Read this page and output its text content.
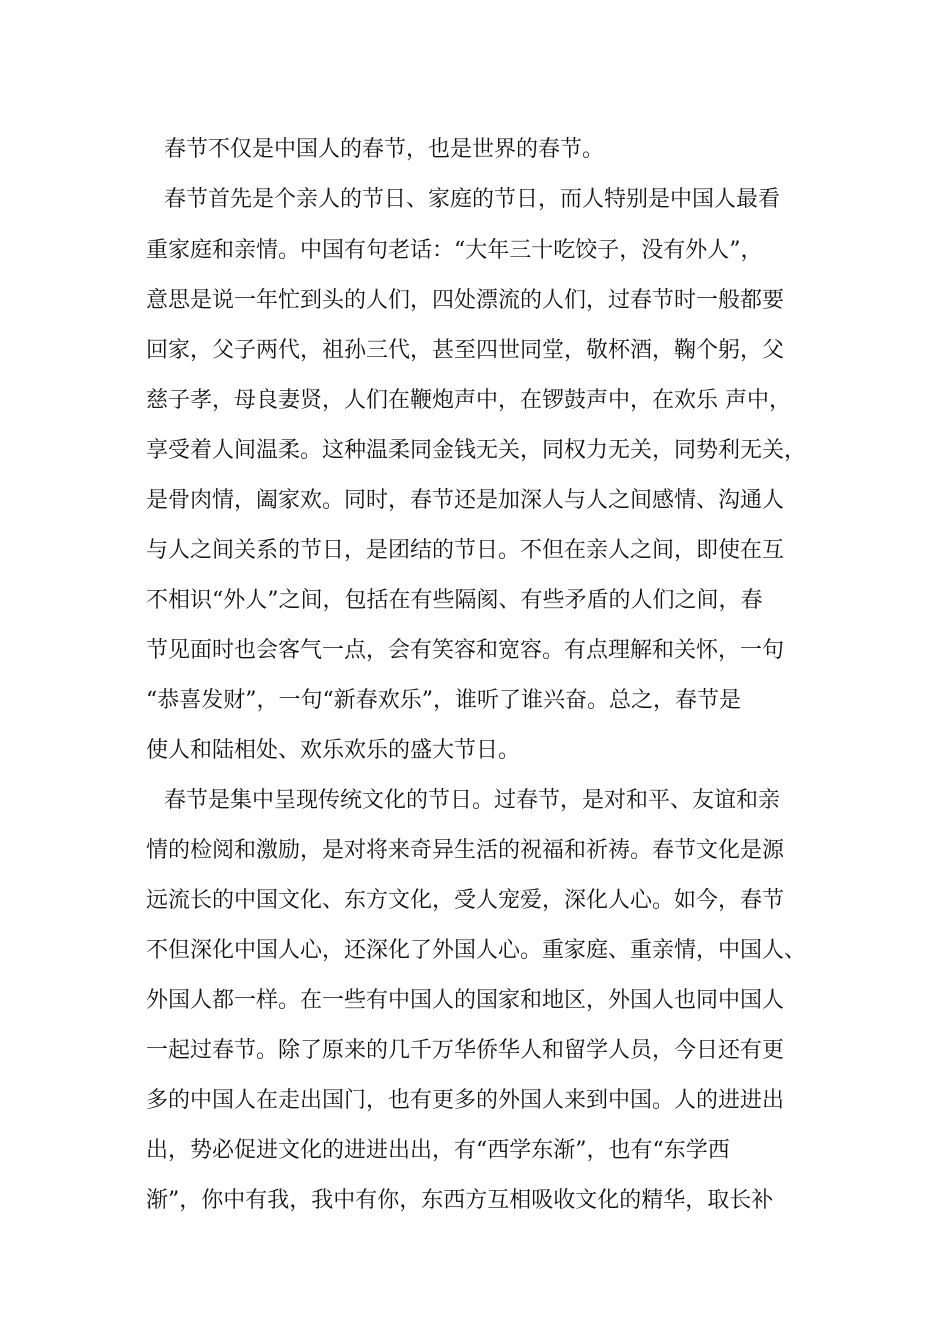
春节不仅是中国人的春节，也是世界的春节。
春节首先是个亲人的节日、家庭的节日，而人特别是中国人最看
重家庭和亲情。中国有句老话：“大年三十吃饺子，没有外人”，
意思是说一年忙到头的人们，四处漂流的人们，过春节时一般都要
回家，父子两代，祖孙三代，甚至四世同堂，敬杯酒，鞠个躬，父
慈子孝，母良妻贤，人们在鞭炮声中，在锣鼓声中，在欢乐 声中，
享受着人间温柔。这种温柔同金钱无关，同权力无关，同势利无关，
是骨肉情，阖家欢。同时，春节还是加深人与人之间感情、沟通人
与人之间关系的节日，是团结的节日。不但在亲人之间，即使在互
不相识“外人”之间，包括在有些隔阂、有些矛盾的人们之间，春
节见面时也会客气一点，会有笑容和宽容。有点理解和关怀，一句
“恭喜发财”，一句“新春欢乐”，谁听了谁兴奋。总之，春节是
使人和陆相处、欢乐欢乐的盛大节日。
春节是集中呈现传统文化的节日。过春节，是对和平、友谊和亲
情的检阅和激励，是对将来奇异生活的祝福和祈祷。春节文化是源
远流长的中国文化、东方文化，受人宠爱，深化人心。如今，春节
不但深化中国人心，还深化了外国人心。重家庭、重亲情，中国人、
外国人都一样。在一些有中国人的国家和地区，外国人也同中国人
一起过春节。除了原来的几千万华侨华人和留学人员，今日还有更
多的中国人在走出国门，也有更多的外国人来到中国。人的进进出
出，势必促进文化的进进出出，有“西学东渐”，也有“东学西
渐”，你中有我，我中有你，东西方互相吸收文化的精华，取长补
